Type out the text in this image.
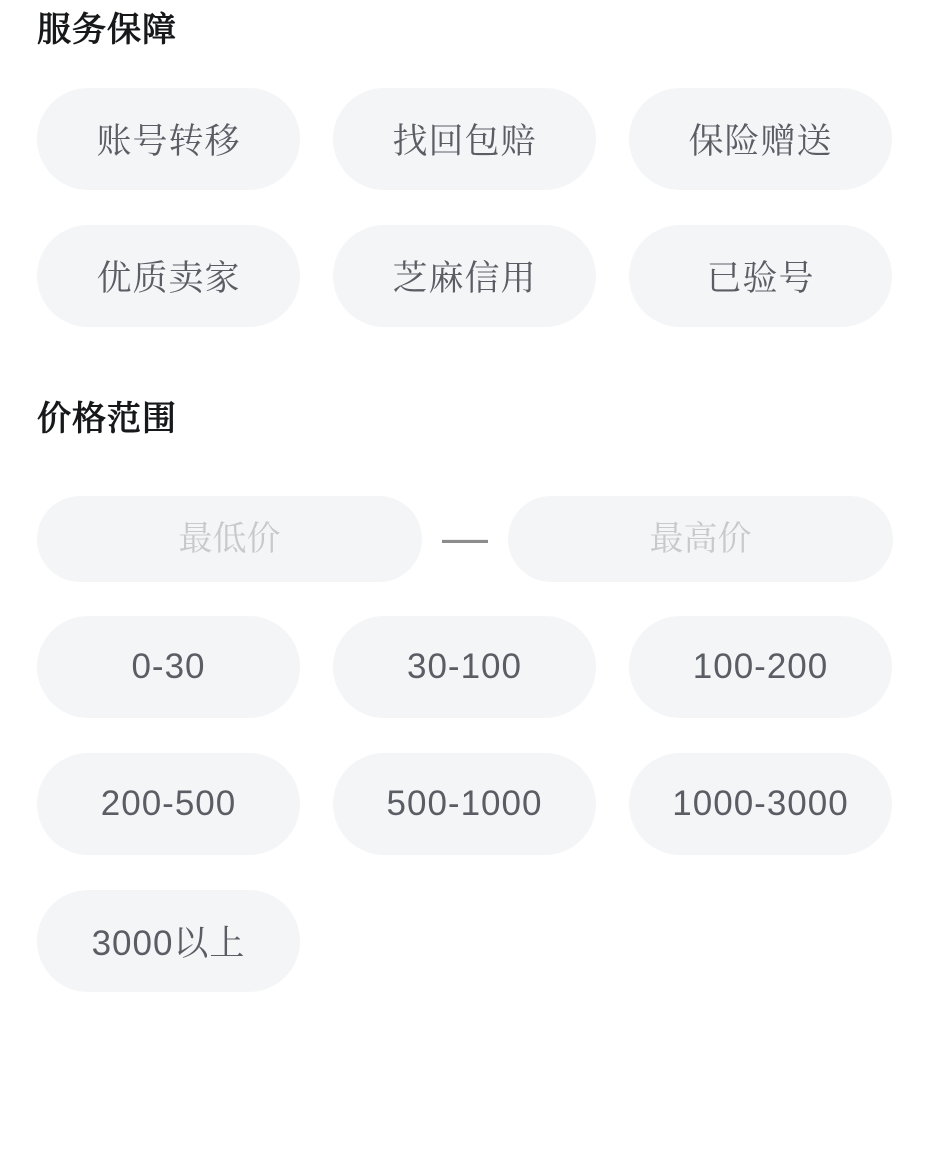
服务保障
账号转移	找回包赔	保险赠送
优质卖家	芝麻信用	已验号
价格范围
最低价
—
最高价
0-30	30-100	100-200
200-500	500-1000	1000-3000
3000以上
